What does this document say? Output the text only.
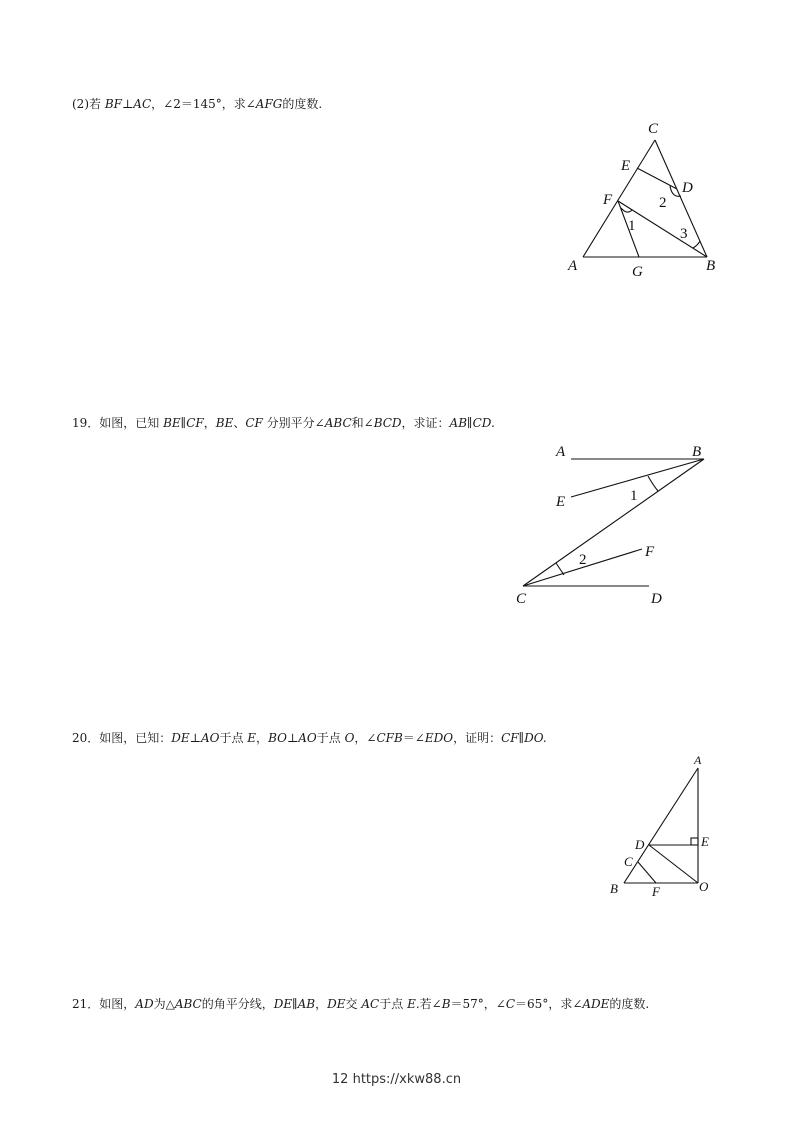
(2)若 BF⊥AC，∠2＝145°，求∠AFG的度数.
C
E
D
F
A	G	B
1
2
3
19．如图，已知 BE∥CF，BE、CF 分别平分∠ABC和∠BCD，求证：AB∥CD.
A	B
E	1
F
2
C	D
20．如图，已知：DE⊥AO于点 E，BO⊥AO于点 O，∠CFB＝∠EDO，证明：CF∥DO.
A
D	E
C
B	F	O
21．如图，AD为△ABC的角平分线，DE∥AB，DE交 AC于点 E.若∠B＝57°，∠C＝65°，求∠ADE的度数.
12 https://xkw88.cn
